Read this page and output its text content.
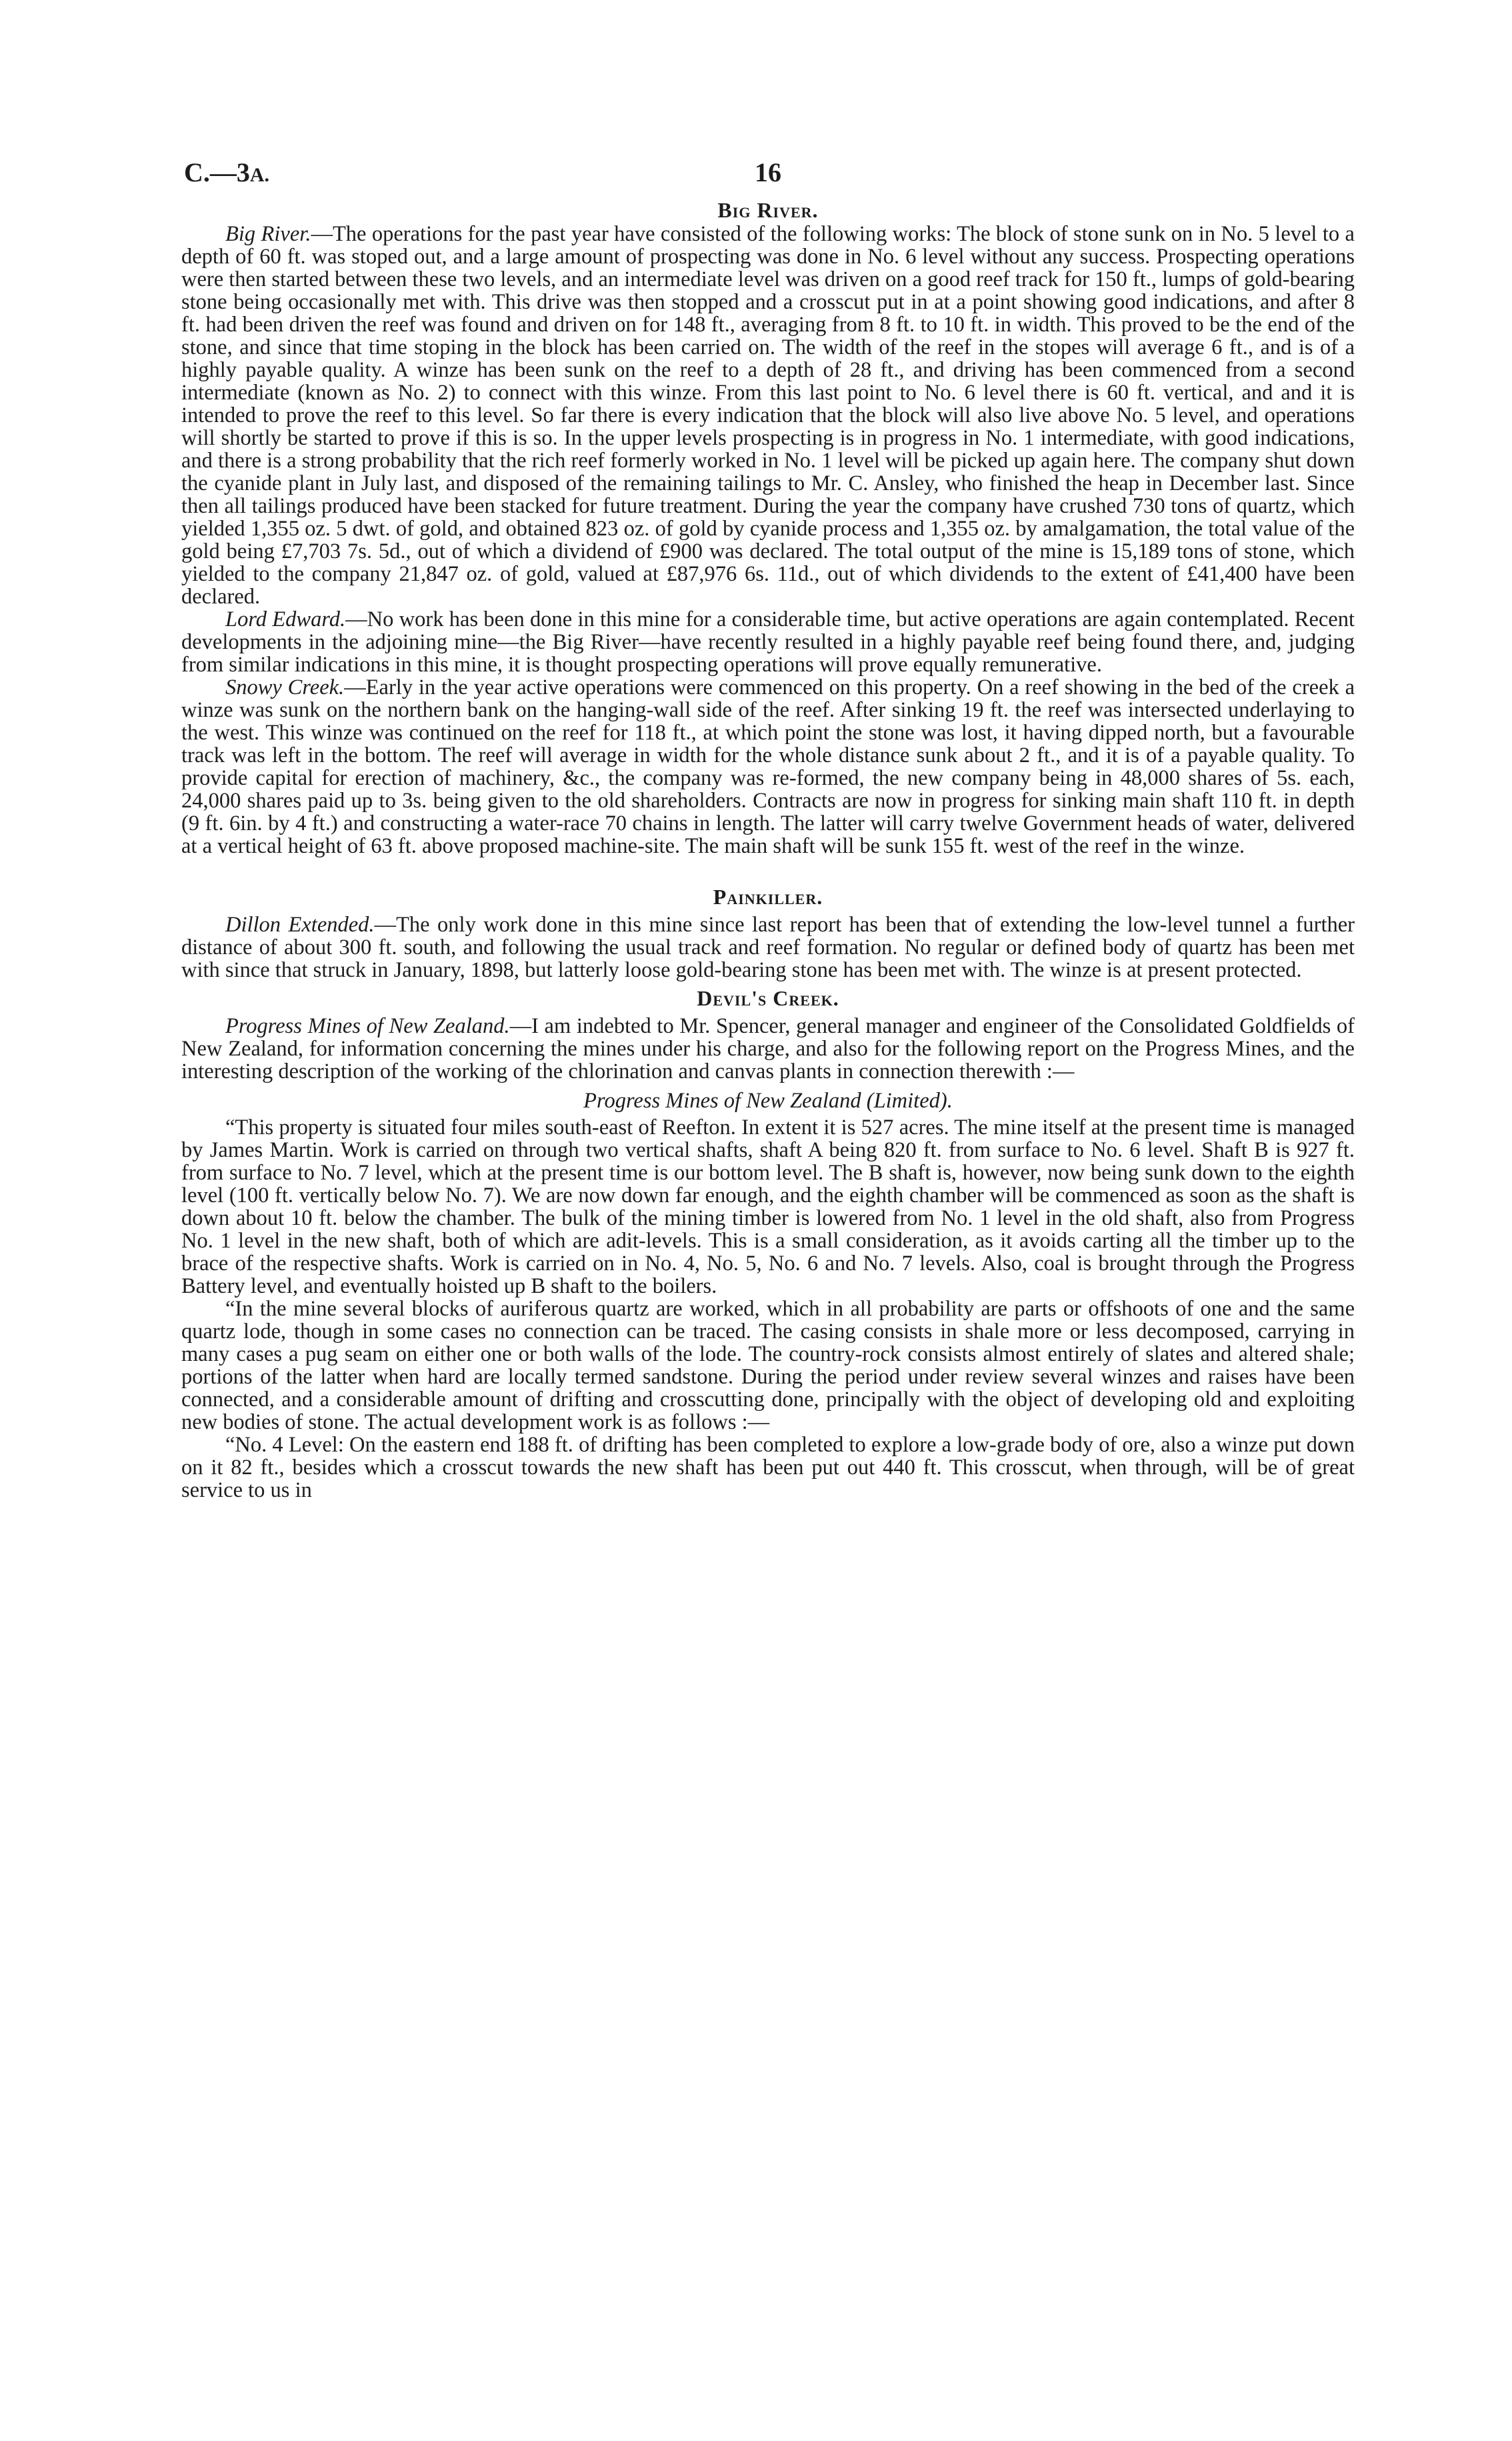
C.—3A.	16
Big River.

Big River.—The operations for the past year have consisted of the following works: The block of stone sunk on in No. 5 level to a depth of 60 ft. was stoped out, and a large amount of prospecting was done in No. 6 level without any success. Prospecting operations were then started between these two levels, and an intermediate level was driven on a good reef track for 150 ft., lumps of gold-bearing stone being occasionally met with. This drive was then stopped and a crosscut put in at a point showing good indications, and after 8 ft. had been driven the reef was found and driven on for 148 ft., averaging from 8 ft. to 10 ft. in width. This proved to be the end of the stone, and since that time stoping in the block has been carried on. The width of the reef in the stopes will average 6 ft., and is of a highly payable quality. A winze has been sunk on the reef to a depth of 28 ft., and driving has been commenced from a second intermediate (known as No. 2) to connect with this winze. From this last point to No. 6 level there is 60 ft. vertical, and and it is intended to prove the reef to this level. So far there is every indication that the block will also live above No. 5 level, and operations will shortly be started to prove if this is so. In the upper levels prospecting is in progress in No. 1 intermediate, with good indications, and there is a strong probability that the rich reef formerly worked in No. 1 level will be picked up again here. The company shut down the cyanide plant in July last, and disposed of the remaining tailings to Mr. C. Ansley, who finished the heap in December last. Since then all tailings produced have been stacked for future treatment. During the year the company have crushed 730 tons of quartz, which yielded 1,355 oz. 5 dwt. of gold, and obtained 823 oz. of gold by cyanide process and 1,355 oz. by amalgamation, the total value of the gold being £7,703 7s. 5d., out of which a dividend of £900 was declared. The total output of the mine is 15,189 tons of stone, which yielded to the company 21,847 oz. of gold, valued at £87,976 6s. 11d., out of which dividends to the extent of £41,400 have been declared.

Lord Edward.—No work has been done in this mine for a considerable time, but active operations are again contemplated. Recent developments in the adjoining mine—the Big River—have recently resulted in a highly payable reef being found there, and, judging from similar indications in this mine, it is thought prospecting operations will prove equally remunerative.

Snowy Creek.—Early in the year active operations were commenced on this property. On a reef showing in the bed of the creek a winze was sunk on the northern bank on the hanging-wall side of the reef. After sinking 19 ft. the reef was intersected underlaying to the west. This winze was continued on the reef for 118 ft., at which point the stone was lost, it having dipped north, but a favourable track was left in the bottom. The reef will average in width for the whole distance sunk about 2 ft., and it is of a payable quality. To provide capital for erection of machinery, &c., the company was re-formed, the new company being in 48,000 shares of 5s. each, 24,000 shares paid up to 3s. being given to the old shareholders. Contracts are now in progress for sinking main shaft 110 ft. in depth (9 ft. 6in. by 4 ft.) and constructing a water-race 70 chains in length. The latter will carry twelve Government heads of water, delivered at a vertical height of 63 ft. above proposed machine-site. The main shaft will be sunk 155 ft. west of the reef in the winze.

Painkiller.

Dillon Extended.—The only work done in this mine since last report has been that of extending the low-level tunnel a further distance of about 300 ft. south, and following the usual track and reef formation. No regular or defined body of quartz has been met with since that struck in January, 1898, but latterly loose gold-bearing stone has been met with. The winze is at present protected.

Devil's Creek.

Progress Mines of New Zealand.—I am indebted to Mr. Spencer, general manager and engineer of the Consolidated Goldfields of New Zealand, for information concerning the mines under his charge, and also for the following report on the Progress Mines, and the interesting description of the working of the chlorination and canvas plants in connection therewith :—

Progress Mines of New Zealand (Limited).

“This property is situated four miles south-east of Reefton. In extent it is 527 acres. The mine itself at the present time is managed by James Martin. Work is carried on through two vertical shafts, shaft A being 820 ft. from surface to No. 6 level. Shaft B is 927 ft. from surface to No. 7 level, which at the present time is our bottom level. The B shaft is, however, now being sunk down to the eighth level (100 ft. vertically below No. 7). We are now down far enough, and the eighth chamber will be commenced as soon as the shaft is down about 10 ft. below the chamber. The bulk of the mining timber is lowered from No. 1 level in the old shaft, also from Progress No. 1 level in the new shaft, both of which are adit-levels. This is a small consideration, as it avoids carting all the timber up to the brace of the respective shafts. Work is carried on in No. 4, No. 5, No. 6 and No. 7 levels. Also, coal is brought through the Progress Battery level, and eventually hoisted up B shaft to the boilers.

“In the mine several blocks of auriferous quartz are worked, which in all probability are parts or offshoots of one and the same quartz lode, though in some cases no connection can be traced. The casing consists in shale more or less decomposed, carrying in many cases a pug seam on either one or both walls of the lode. The country-rock consists almost entirely of slates and altered shale; portions of the latter when hard are locally termed sandstone. During the period under review several winzes and raises have been connected, and a considerable amount of drifting and crosscutting done, principally with the object of developing old and exploiting new bodies of stone. The actual development work is as follows :—

“No. 4 Level: On the eastern end 188 ft. of drifting has been completed to explore a low-grade body of ore, also a winze put down on it 82 ft., besides which a crosscut towards the new shaft has been put out 440 ft. This crosscut, when through, will be of great service to us in
